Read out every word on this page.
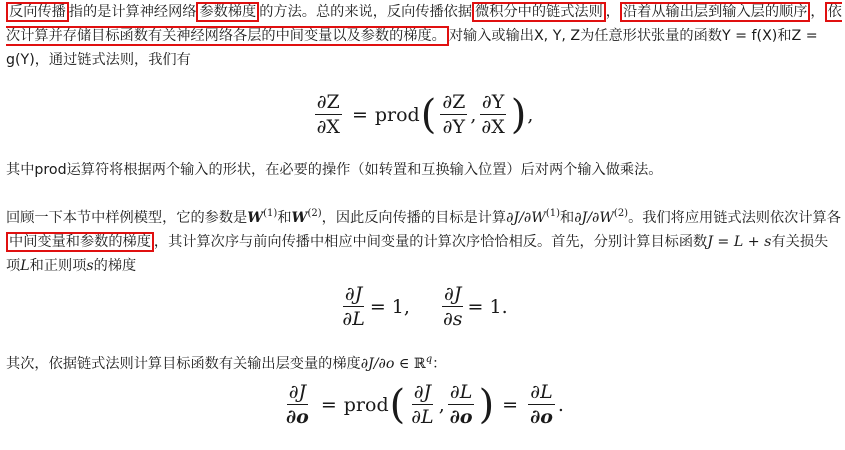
反向传播 指的是计算神经网络 参数梯度 的方法。总的来说，反向传播依据 微积分中的链式法则 ， 沿着从输出层到输入层的顺序 ， 依次计算并存储目标函数有关神经网络各层的中间变量以及参数的梯度。 对输入或输出X, Y, Z为任意形状张量的函数Y = f(X)和Z = g(Y)，通过链式法则，我们有

$\frac{\partial Z}{\partial X}$ = prod ( $\frac{\partial Z}{\partial Y}$ , $\frac{\partial Y}{\partial X}$ ) ,

其中prod运算符将根据两个输入的形状，在必要的操作（如转置和互换输入位置）后对两个输入做乘法。

回顾一下本节中样例模型，它的参数是$W^{(1)}$和$W^{(2)}$，因此反向传播的目标是计算$\partial J/\partial W^{(1)}$和$\partial J/\partial W^{(2)}$。我们将应用链式法则依次计算各中间变量和参数的梯度 ，其计算次序与前向传播中相应中间变量的计算次序恰恰相反。首先，分别计算目标函数J = L + s有关损失项L和正则项s的梯度

$\frac{\partial J}{\partial L} = 1$, $\frac{\partial J}{\partial s} = 1$.

其次，依据链式法则计算目标函数有关输出层变量的梯度∂J/∂o ∈ ℝ$^q$：

$\frac{\partial J}{\partial o}$ = prod ( $\frac{\partial J}{\partial L}$ , $\frac{\partial L}{\partial o}$ ) = $\frac{\partial L}{\partial o}$ .
